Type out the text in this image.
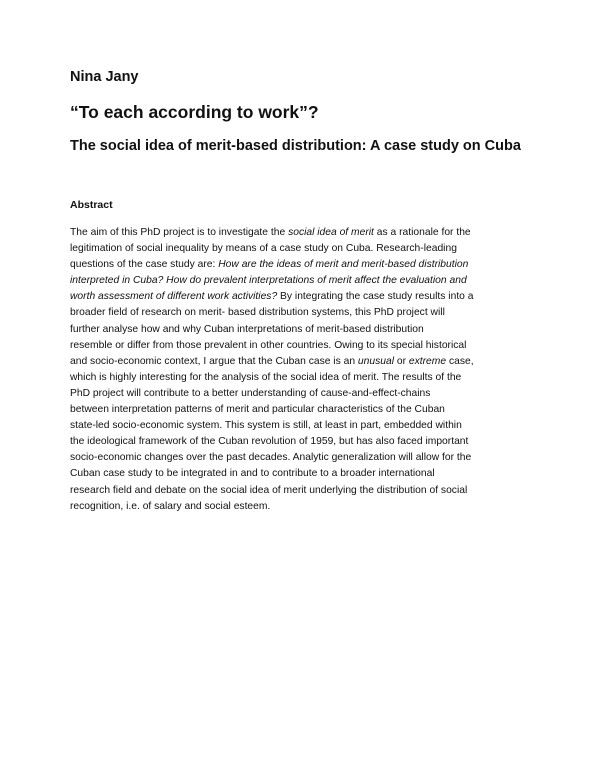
Nina Jany
“To each according to work”?
The social idea of merit-based distribution: A case study on Cuba
Abstract
The aim of this PhD project is to investigate the social idea of merit as a rationale for the
legitimation of social inequality by means of a case study on Cuba. Research-leading
questions of the case study are: How are the ideas of merit and merit-based distribution
interpreted in Cuba? How do prevalent interpretations of merit affect the evaluation and
worth assessment of different work activities? By integrating the case study results into a
broader field of research on merit- based distribution systems, this PhD project will
further analyse how and why Cuban interpretations of merit-based distribution
resemble or differ from those prevalent in other countries. Owing to its special historical
and socio-economic context, I argue that the Cuban case is an unusual or extreme case,
which is highly interesting for the analysis of the social idea of merit. The results of the
PhD project will contribute to a better understanding of cause-and-effect-chains
between interpretation patterns of merit and particular characteristics of the Cuban
state-led socio-economic system. This system is still, at least in part, embedded within
the ideological framework of the Cuban revolution of 1959, but has also faced important
socio-economic changes over the past decades. Analytic generalization will allow for the
Cuban case study to be integrated in and to contribute to a broader international
research field and debate on the social idea of merit underlying the distribution of social
recognition, i.e. of salary and social esteem.
